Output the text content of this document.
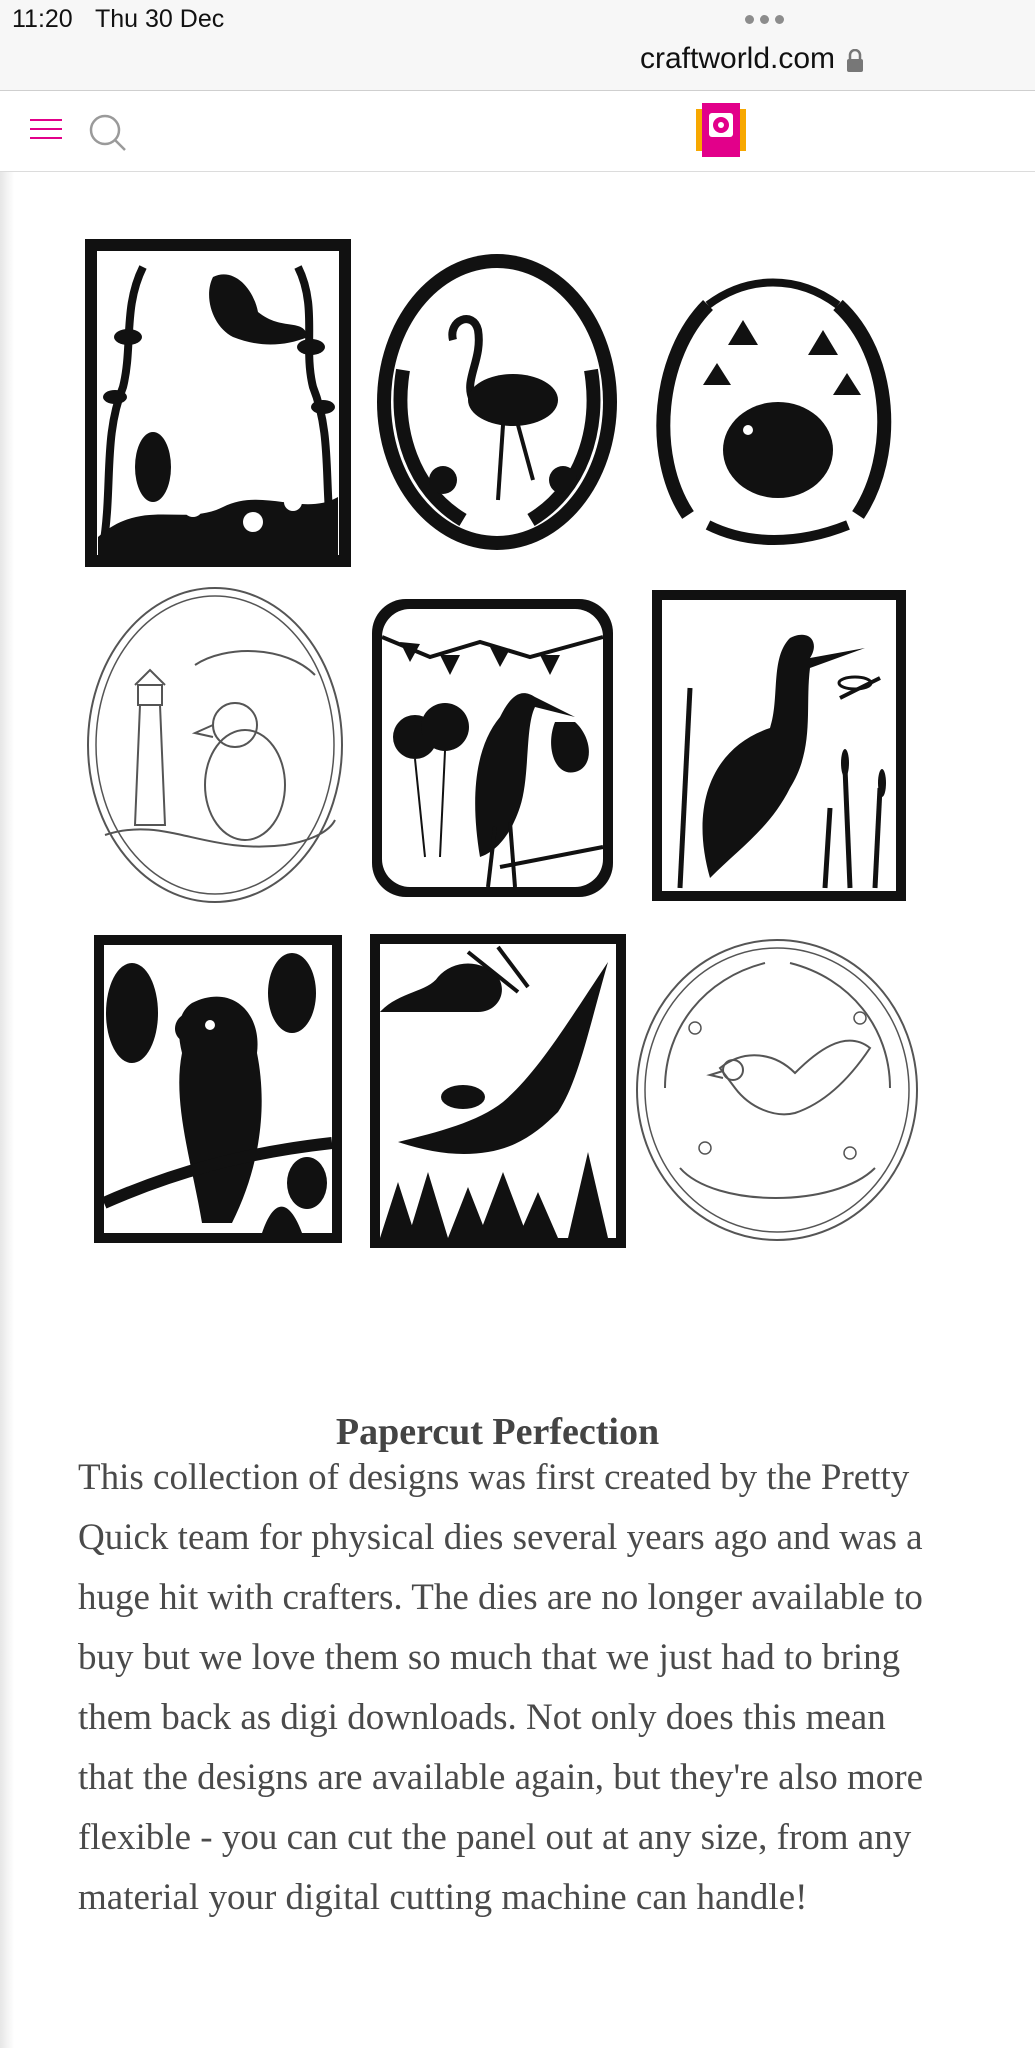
11:20 Thu 30 Dec
craftworld.com
Papercut Perfection

This collection of designs was first created by the Pretty Quick team for physical dies several years ago and was a huge hit with crafters. The dies are no longer available to buy but we love them so much that we just had to bring them back as digi downloads. Not only does this mean that the designs are available again, but they're also more flexible - you can cut the panel out at any size, from any material your digital cutting machine can handle!
